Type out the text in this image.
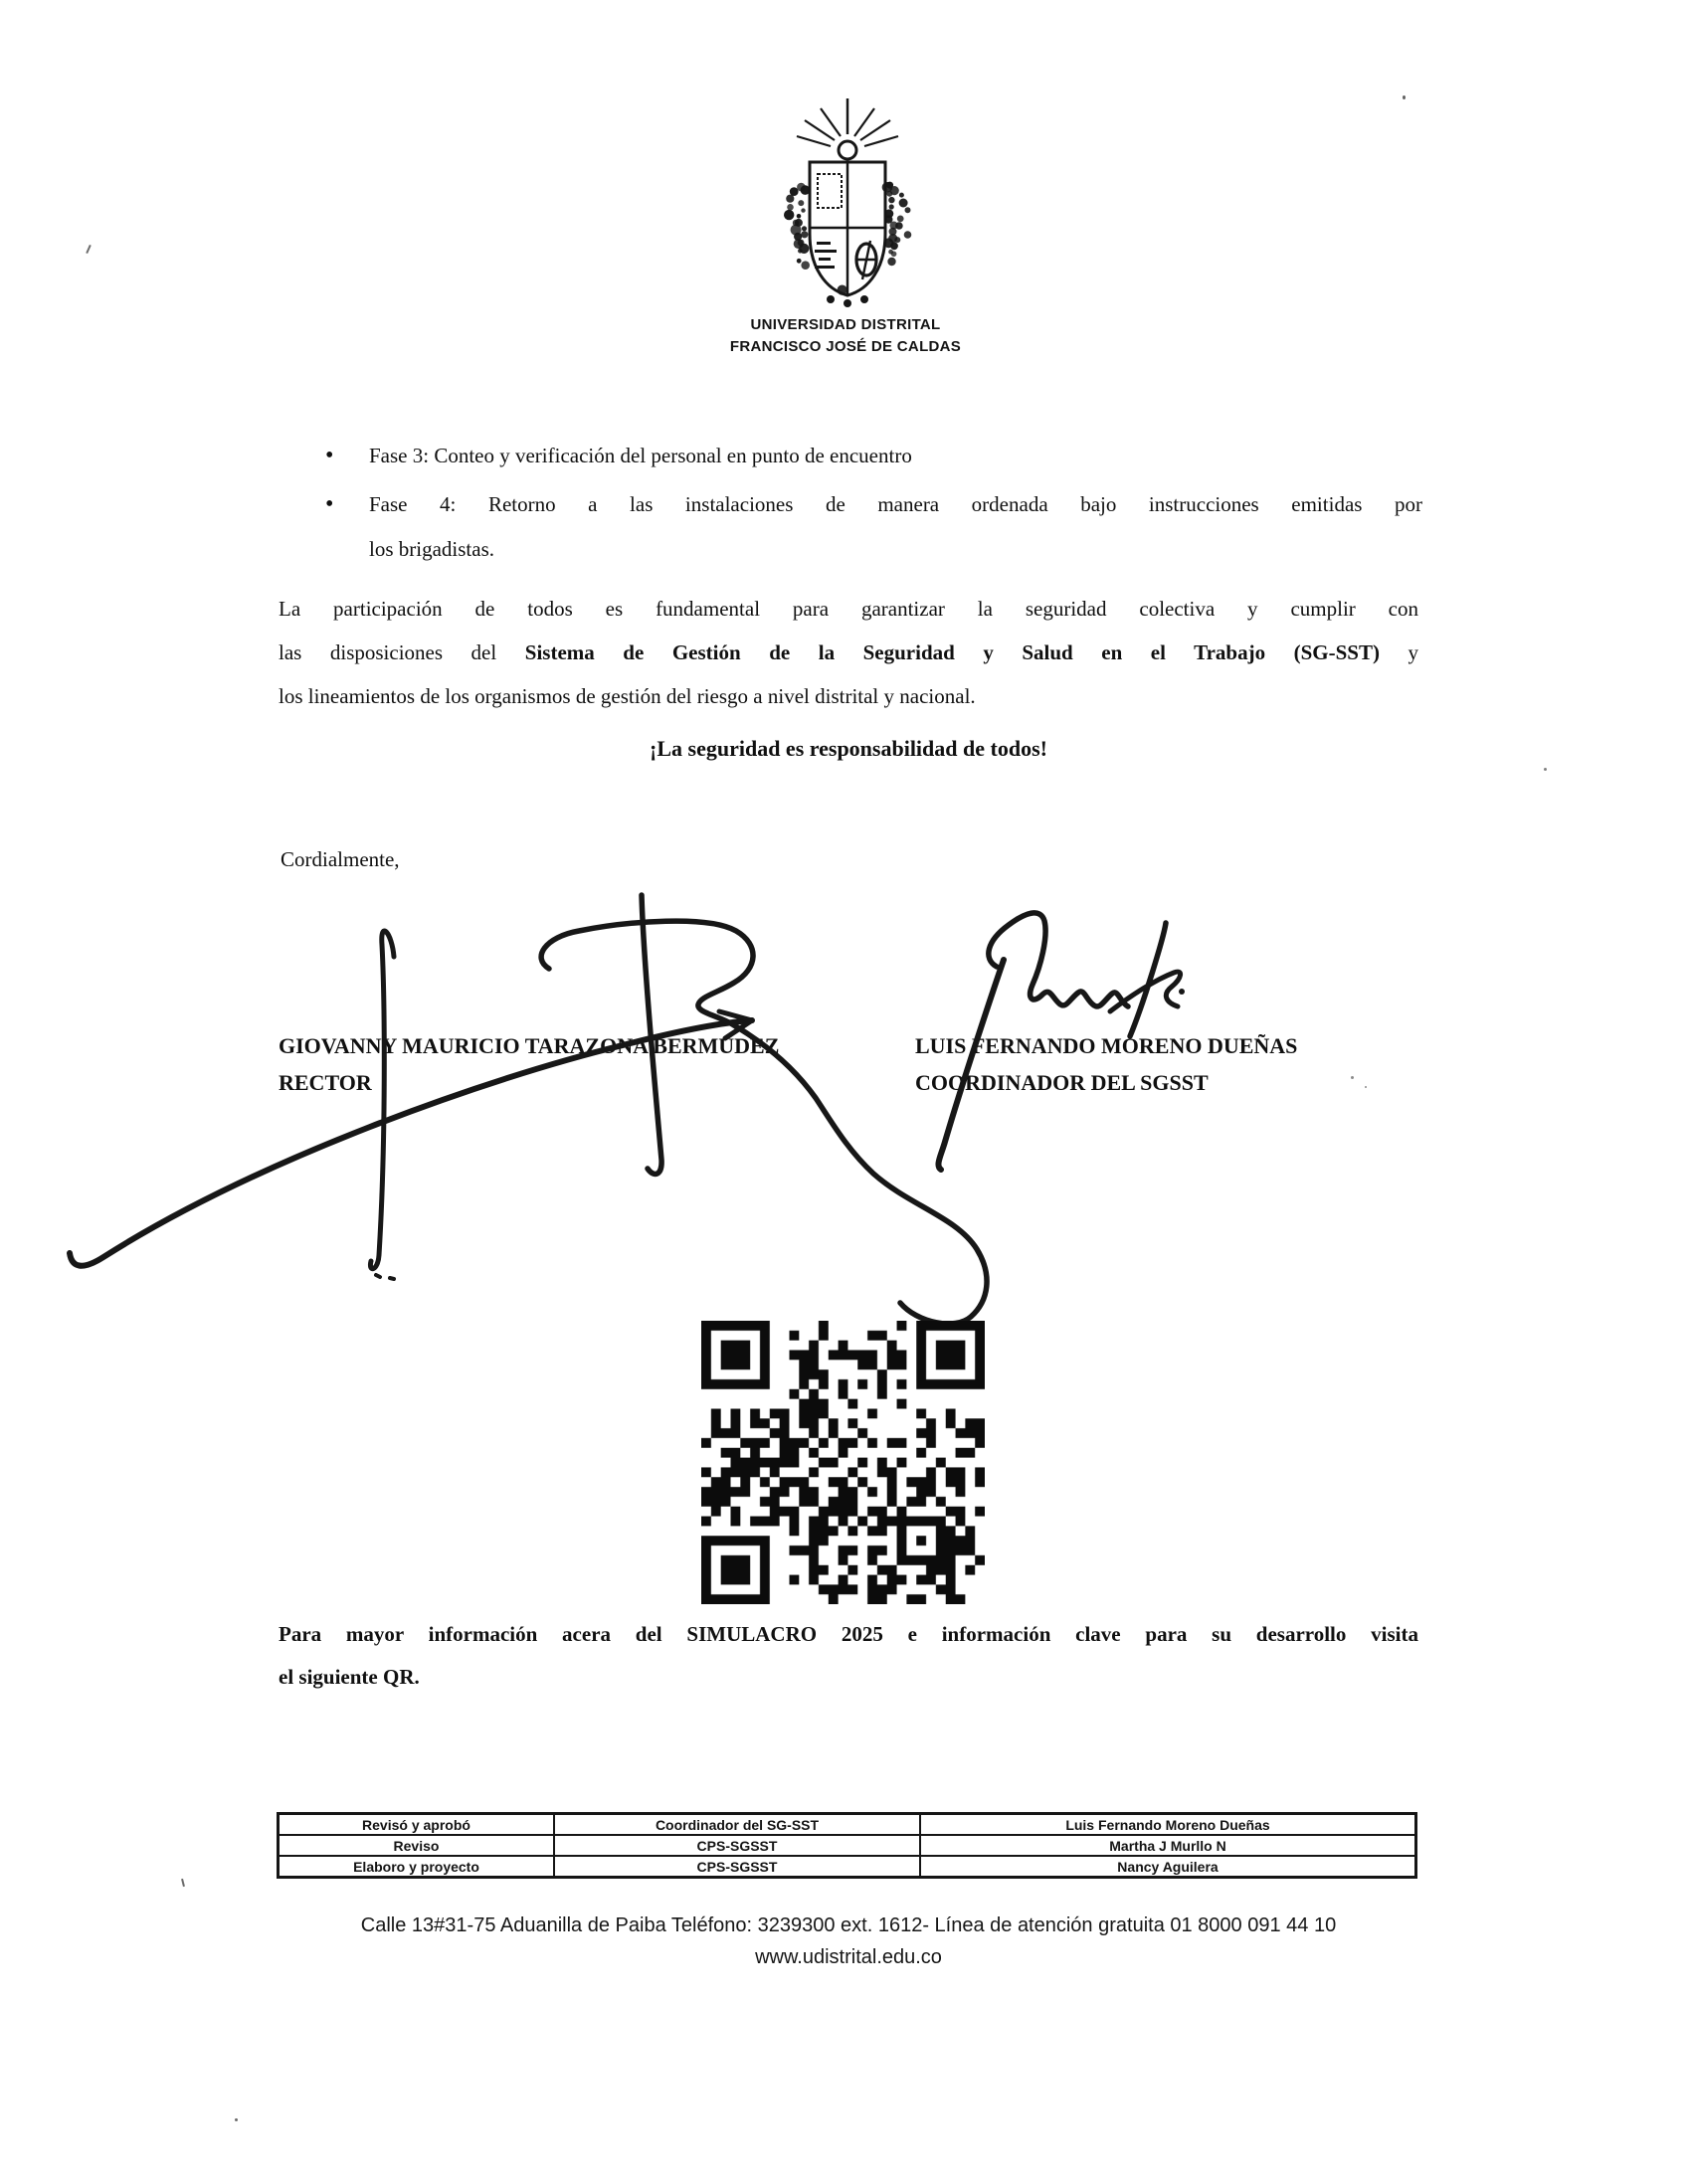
UNIVERSIDAD DISTRITAL
FRANCISCO JOSÉ DE CALDAS
• Fase 3: Conteo y verificación del personal en punto de encuentro
• Fase 4: Retorno a las instalaciones de manera ordenada bajo instrucciones emitidas por
los brigadistas.
La participación de todos es fundamental para garantizar la seguridad colectiva y cumplir con
las disposiciones del Sistema de Gestión de la Seguridad y Salud en el Trabajo (SG-SST) y
los lineamientos de los organismos de gestión del riesgo a nivel distrital y nacional.
¡La seguridad es responsabilidad de todos!
Cordialmente,
GIOVANNY MAURICIO TARAZONA BERMÚDEZ
RECTOR
LUIS FERNANDO MORENO DUEÑAS
COORDINADOR DEL SGSST
Para mayor información acera del SIMULACRO 2025 e información clave para su desarrollo visita
el siguiente QR.
Revisó y aprobó	Coordinador del SG-SST	Luis Fernando Moreno Dueñas
Reviso	CPS-SGSST	Martha J Murllo N
Elaboro y proyecto	CPS-SGSST	Nancy Aguilera
Calle 13#31-75 Aduanilla de Paiba Teléfono: 3239300 ext. 1612- Línea de atención gratuita 01 8000 091 44 10
www.udistrital.edu.co
